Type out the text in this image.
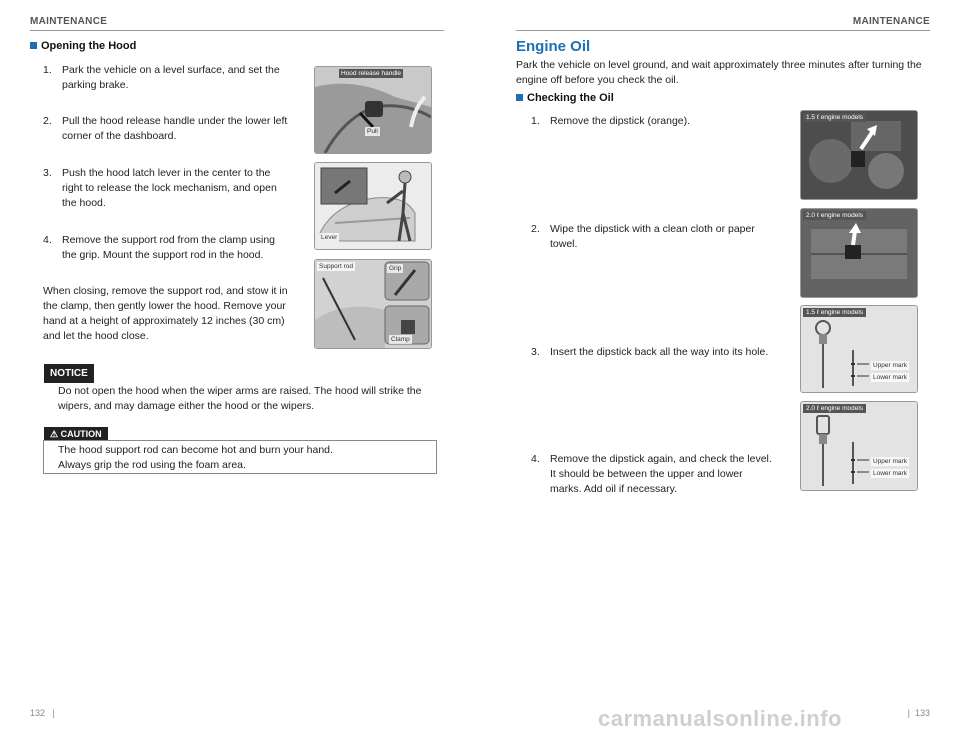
MAINTENANCE
Opening the Hood
1. Park the vehicle on a level surface, and set the
parking brake.
2. Pull the hood release handle under the lower left
corner of the dashboard.
3. Push the hood latch lever in the center to the
right to release the lock mechanism, and open
the hood.
4. Remove the support rod from the clamp using
the grip. Mount the support rod in the hood.
When closing, remove the support rod, and stow it in
the clamp, then gently lower the hood. Remove your
hand at a height of approximately 12 inches (30 cm)
and let the hood close.
Hood release handle
Pull
Lever
Support rod	Grip
Clamp
NOTICE
Do not open the hood when the wiper arms are raised. The hood will strike the
wipers, and may damage either the hood or the wipers.
⚠ CAUTION
The hood support rod can become hot and burn your hand.
Always grip the rod using the foam area.
132   |
MAINTENANCE
Engine Oil
Park the vehicle on level ground, and wait approximately three minutes after turning the
engine off before you check the oil.
Checking the Oil
1. Remove the dipstick (orange).
2. Wipe the dipstick with a clean cloth or paper
towel.
3. Insert the dipstick back all the way into its hole.
4. Remove the dipstick again, and check the level.
It should be between the upper and lower
marks. Add oil if necessary.
1.5 ℓ engine models
2.0 ℓ engine models
1.5 ℓ engine models
Upper mark
Lower mark
2.0 ℓ engine models
Upper mark
Lower mark
|  133
carmanualsonline.info
